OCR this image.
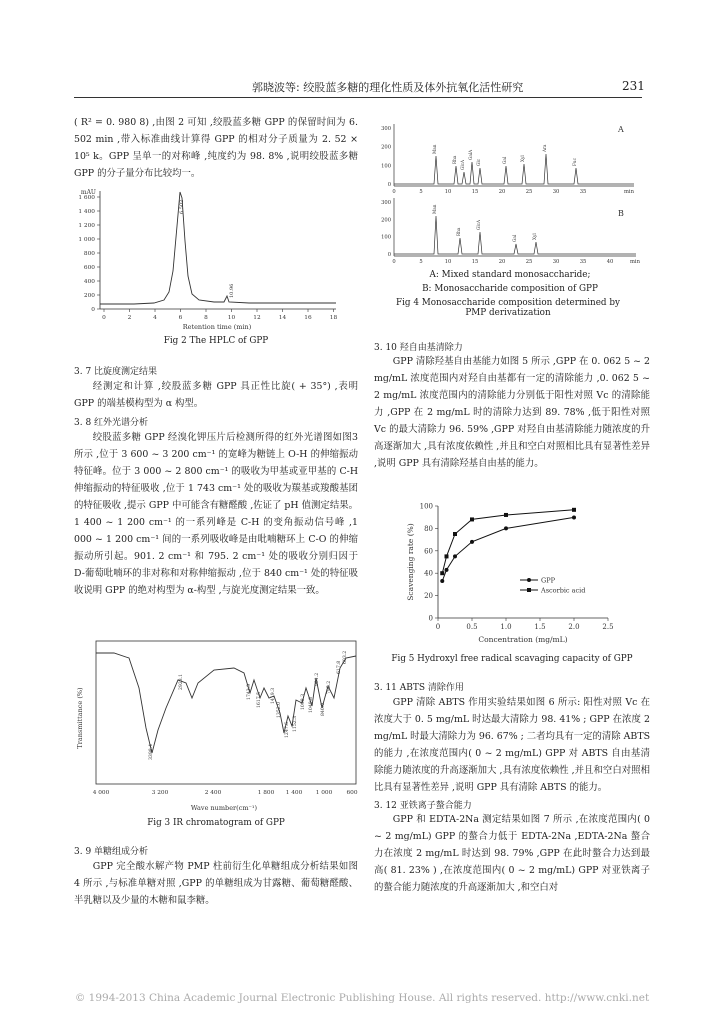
郭晓波等: 绞股蓝多糖的理化性质及体外抗氧化活性研究	231

( R² = 0. 980 8) ,由图 2 可知 ,绞股蓝多糖 GPP 的保留时间为 6. 502 min ,带入标准曲线计算得 GPP 的相对分子质量为 2. 52 × 10⁵ k。GPP 呈单一的对称峰 ,纯度约为 98. 8% ,说明绞股蓝多糖 GPP 的分子量分布比较均一。

1 600
1 400
1 200
1 000
800
600
400
200
0
0	2	4	6	8	10	12	14	16	18
mAU
6.502
10.96
Retention time (min)

Fig 2 The HPLC of GPP

3. 7 比旋度测定结果

经测定和计算 ,绞股蓝多糖 GPP 具正性比旋( + 35°) ,表明 GPP 的端基模构型为 α 构型。

3. 8 红外光谱分析

绞股蓝多糖 GPP 经溴化钾压片后检测所得的红外光谱图如图3 所示 ,位于 3 600 ~ 3 200 cm⁻¹ 的宽峰为糖链上 O-H 的伸缩振动特征峰。位于 3 000 ~ 2 800 cm⁻¹ 的吸收为甲基或亚甲基的 C-H 伸缩振动的特征吸收 ,位于 1 743 cm⁻¹ 处的吸收为羰基或羧酸基团的特征吸收 ,提示 GPP 中可能含有糖醛酸 ,佐证了 pH 值测定结果。1 400 ~ 1 200 cm⁻¹ 的一系列峰是 C-H 的变角振动信号峰 ,1 000 ~ 1 200 cm⁻¹ 间的一系列吸收峰是由吡喃糖环上 C-O 的伸缩振动所引起。901. 2 cm⁻¹ 和 795. 2 cm⁻¹ 处的吸收分别归因于 D-葡萄吡喃环的非对称和对称伸缩振动 ,位于 840 cm⁻¹ 处的特征吸收说明 GPP 的绝对构型为 α-构型 ,与旋光度测定结果一致。

Transmittance (%)
3398.4
2923.1
1743.9 1617.5 1419.3
1352.0
1247.6 1152.3
1098.3 1049.8
901.2
840.0
795.2
617.8
603.2
4 000	3 200	2 400	1 800 1 400 1 000 600
Wave number(cm⁻¹)

Fig 3 IR chromatogram of GPP

3. 9 单糖组成分析

GPP 完全酸水解产物 PMP 柱前衍生化单糖组成分析结果如图 4 所示 ,与标准单糖对照 ,GPP 的单糖组成为甘露糖、葡萄糖醛酸、半乳糖以及少量的木糖和鼠李糖。

A
Man
Rha
GlcA
GalA
Glc	Gal	Xyl
Ara
Fuc
300
200
100
0
0	5	10	15	20	25	30	35	min
B
Man
Rha
GlcA
Gal	Xyl
300
200
100
0
0	5	10	15	20	25	30	35	40	min

A: Mixed standard monosaccharide;

B: Monosaccharide composition of GPP

Fig 4 Monosaccharide composition determined by PMP derivatization

3. 10 羟自由基清除力

GPP 清除羟基自由基能力如图 5 所示 ,GPP 在 0. 062 5 ~ 2 mg/mL 浓度范围内对羟自由基都有一定的清除能力 ,0. 062 5 ~ 2 mg/mL 浓度范围内的清除能力分别低于阳性对照 Vc 的清除能力 ,GPP 在 2 mg/mL 时的清除力达到 89. 78% ,低于阳性对照 Vc 的最大清除力 96. 59% ,GPP 对羟自由基清除能力随浓度的升高逐渐加大 ,具有浓度依赖性 ,并且和空白对照相比具有显著性差异 ,说明 GPP 具有清除羟基自由基的能力。

0
20
40
60
80
100
0	0.5	1.0	1.5	2.0	2.5
GPP
Ascorbic acid
Concentration (mg/mL)
Scavenging rate (%)

Fig 5 Hydroxyl free radical scavaging capacity of GPP

3. 11 ABTS 清除作用

GPP 清除 ABTS 作用实验结果如图 6 所示: 阳性对照 Vc 在浓度大于 0. 5 mg/mL 时达最大清除力 98. 41% ; GPP 在浓度 2 mg/mL 时最大清除力为 96. 67% ; 二者均具有一定的清除 ABTS 的能力 ,在浓度范围内( 0 ~ 2 mg/mL) GPP 对 ABTS 自由基清除能力随浓度的升高逐渐加大 ,具有浓度依赖性 ,并且和空白对照相比具有显著性差异 ,说明 GPP 具有清除 ABTS 的能力。

3. 12 亚铁离子螯合能力

GPP 和 EDTA-2Na 测定结果如图 7 所示 ,在浓度范围内( 0 ~ 2 mg/mL) GPP 的螯合力低于 EDTA-2Na ,EDTA-2Na 螯合力在浓度 2 mg/mL 时达到 98. 79% ,GPP 在此时螯合力达到最高( 81. 23% ) ,在浓度范围内( 0 ~ 2 mg/mL) GPP 对亚铁离子的螯合能力随浓度的升高逐渐加大 ,和空白对

© 1994-2013 China Academic Journal Electronic Publishing House. All rights reserved. http://www.cnki.net
